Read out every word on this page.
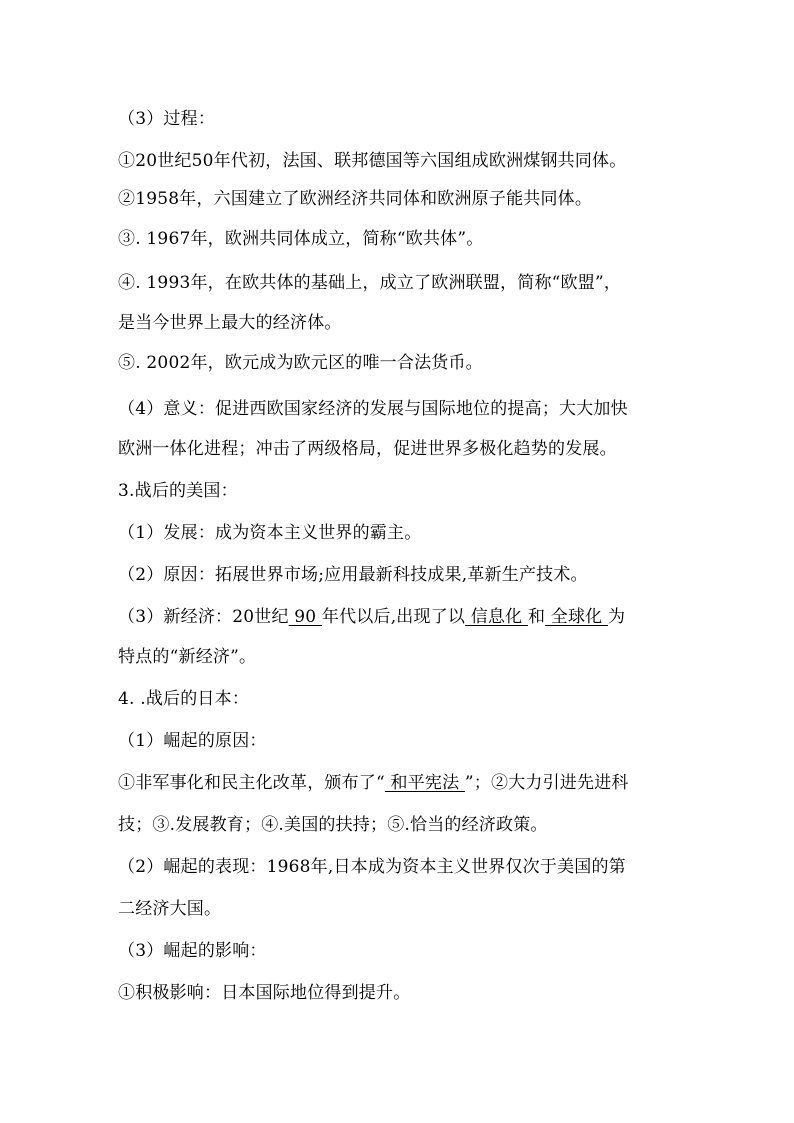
（3）过程：
①20世纪50年代初，法国、联邦德国等六国组成欧洲煤钢共同体。
②1958年，六国建立了欧洲经济共同体和欧洲原子能共同体。
③. 1967年，欧洲共同体成立，简称“欧共体”。
④. 1993年，在欧共体的基础上，成立了欧洲联盟，简称“欧盟”，
是当今世界上最大的经济体。
⑤. 2002年，欧元成为欧元区的唯一合法货币。
（4）意义：促进西欧国家经济的发展与国际地位的提高；大大加快
欧洲一体化进程；冲击了两级格局，促进世界多极化趋势的发展。
3.战后的美国：
（1）发展：成为资本主义世界的霸主。
（2）原因：拓展世界市场;应用最新科技成果,革新生产技术。
（3）新经济：20世纪 90 年代以后,出现了以 信息化 和 全球化 为
特点的“新经济”。
4. .战后的日本：
（1）崛起的原因：
①非军事化和民主化改革，颁布了“ 和平宪法 ”；②大力引进先进科
技；③.发展教育；④.美国的扶持；⑤.恰当的经济政策。
（2）崛起的表现：1968年,日本成为资本主义世界仅次于美国的第
二经济大国。
（3）崛起的影响：
①积极影响：日本国际地位得到提升。
